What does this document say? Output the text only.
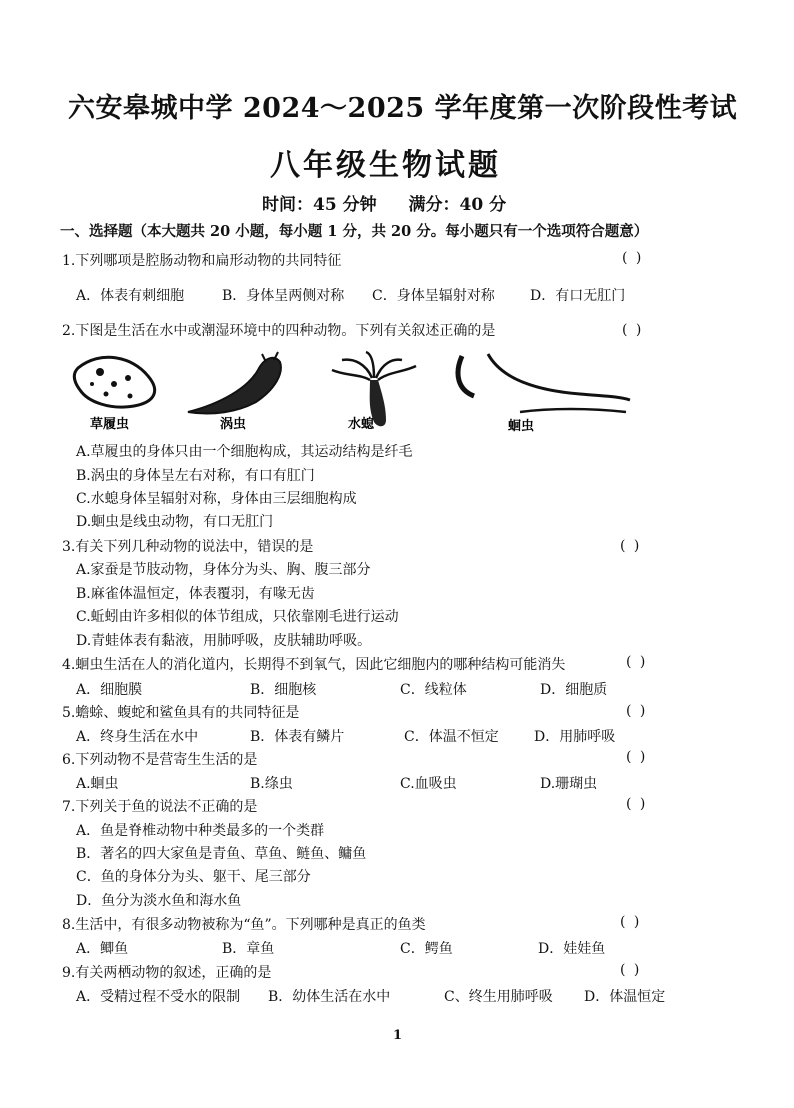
六安皋城中学 2024～2025 学年度第一次阶段性考试
八年级生物试题
时间：45 分钟 满分：40 分
一、选择题（本大题共 20 小题，每小题 1 分，共 20 分。每小题只有一个选项符合题意）
1.下列哪项是腔肠动物和扁形动物的共同特征	( )
A．体表有刺细胞	B．身体呈两侧对称 C．身体呈辐射对称	D．有口无肛门
2.下图是生活在水中或潮湿环境中的四种动物。下列有关叙述正确的是	( )
草履虫	涡虫	水螅	蛔虫
A.草履虫的身体只由一个细胞构成，其运动结构是纤毛
B.涡虫的身体呈左右对称，有口有肛门
C.水螅身体呈辐射对称，身体由三层细胞构成
D.蛔虫是线虫动物，有口无肛门
3.有关下列几种动物的说法中，错误的是	( )
A.家蚕是节肢动物，身体分为头、胸、腹三部分
B.麻雀体温恒定，体表覆羽，有喙无齿
C.蚯蚓由许多相似的体节组成，只依靠刚毛进行运动
D.青蛙体表有黏液，用肺呼吸，皮肤辅助呼吸。
4.蛔虫生活在人的消化道内，长期得不到氧气，因此它细胞内的哪种结构可能消失	( )
A．细胞膜	B．细胞核	C．线粒体	D．细胞质
5.蟾蜍、蝮蛇和鲨鱼具有的共同特征是	( )
A．终身生活在水中	B．体表有鳞片	C．体温不恒定	D．用肺呼吸
6.下列动物不是营寄生生活的是	( )
A.蛔虫	B.绦虫	C.血吸虫	D.珊瑚虫
7.下列关于鱼的说法不正确的是	( )
A．鱼是脊椎动物中种类最多的一个类群
B．著名的四大家鱼是青鱼、草鱼、鲢鱼、鳙鱼
C．鱼的身体分为头、躯干、尾三部分
D．鱼分为淡水鱼和海水鱼
8.生活中，有很多动物被称为“鱼”。下列哪种是真正的鱼类	( )
A．鲫鱼	B．章鱼	C．鳄鱼	D．娃娃鱼
9.有关两栖动物的叙述，正确的是	( )
A．受精过程不受水的限制 B．幼体生活在水中	C、终生用肺呼吸 D．体温恒定
1
